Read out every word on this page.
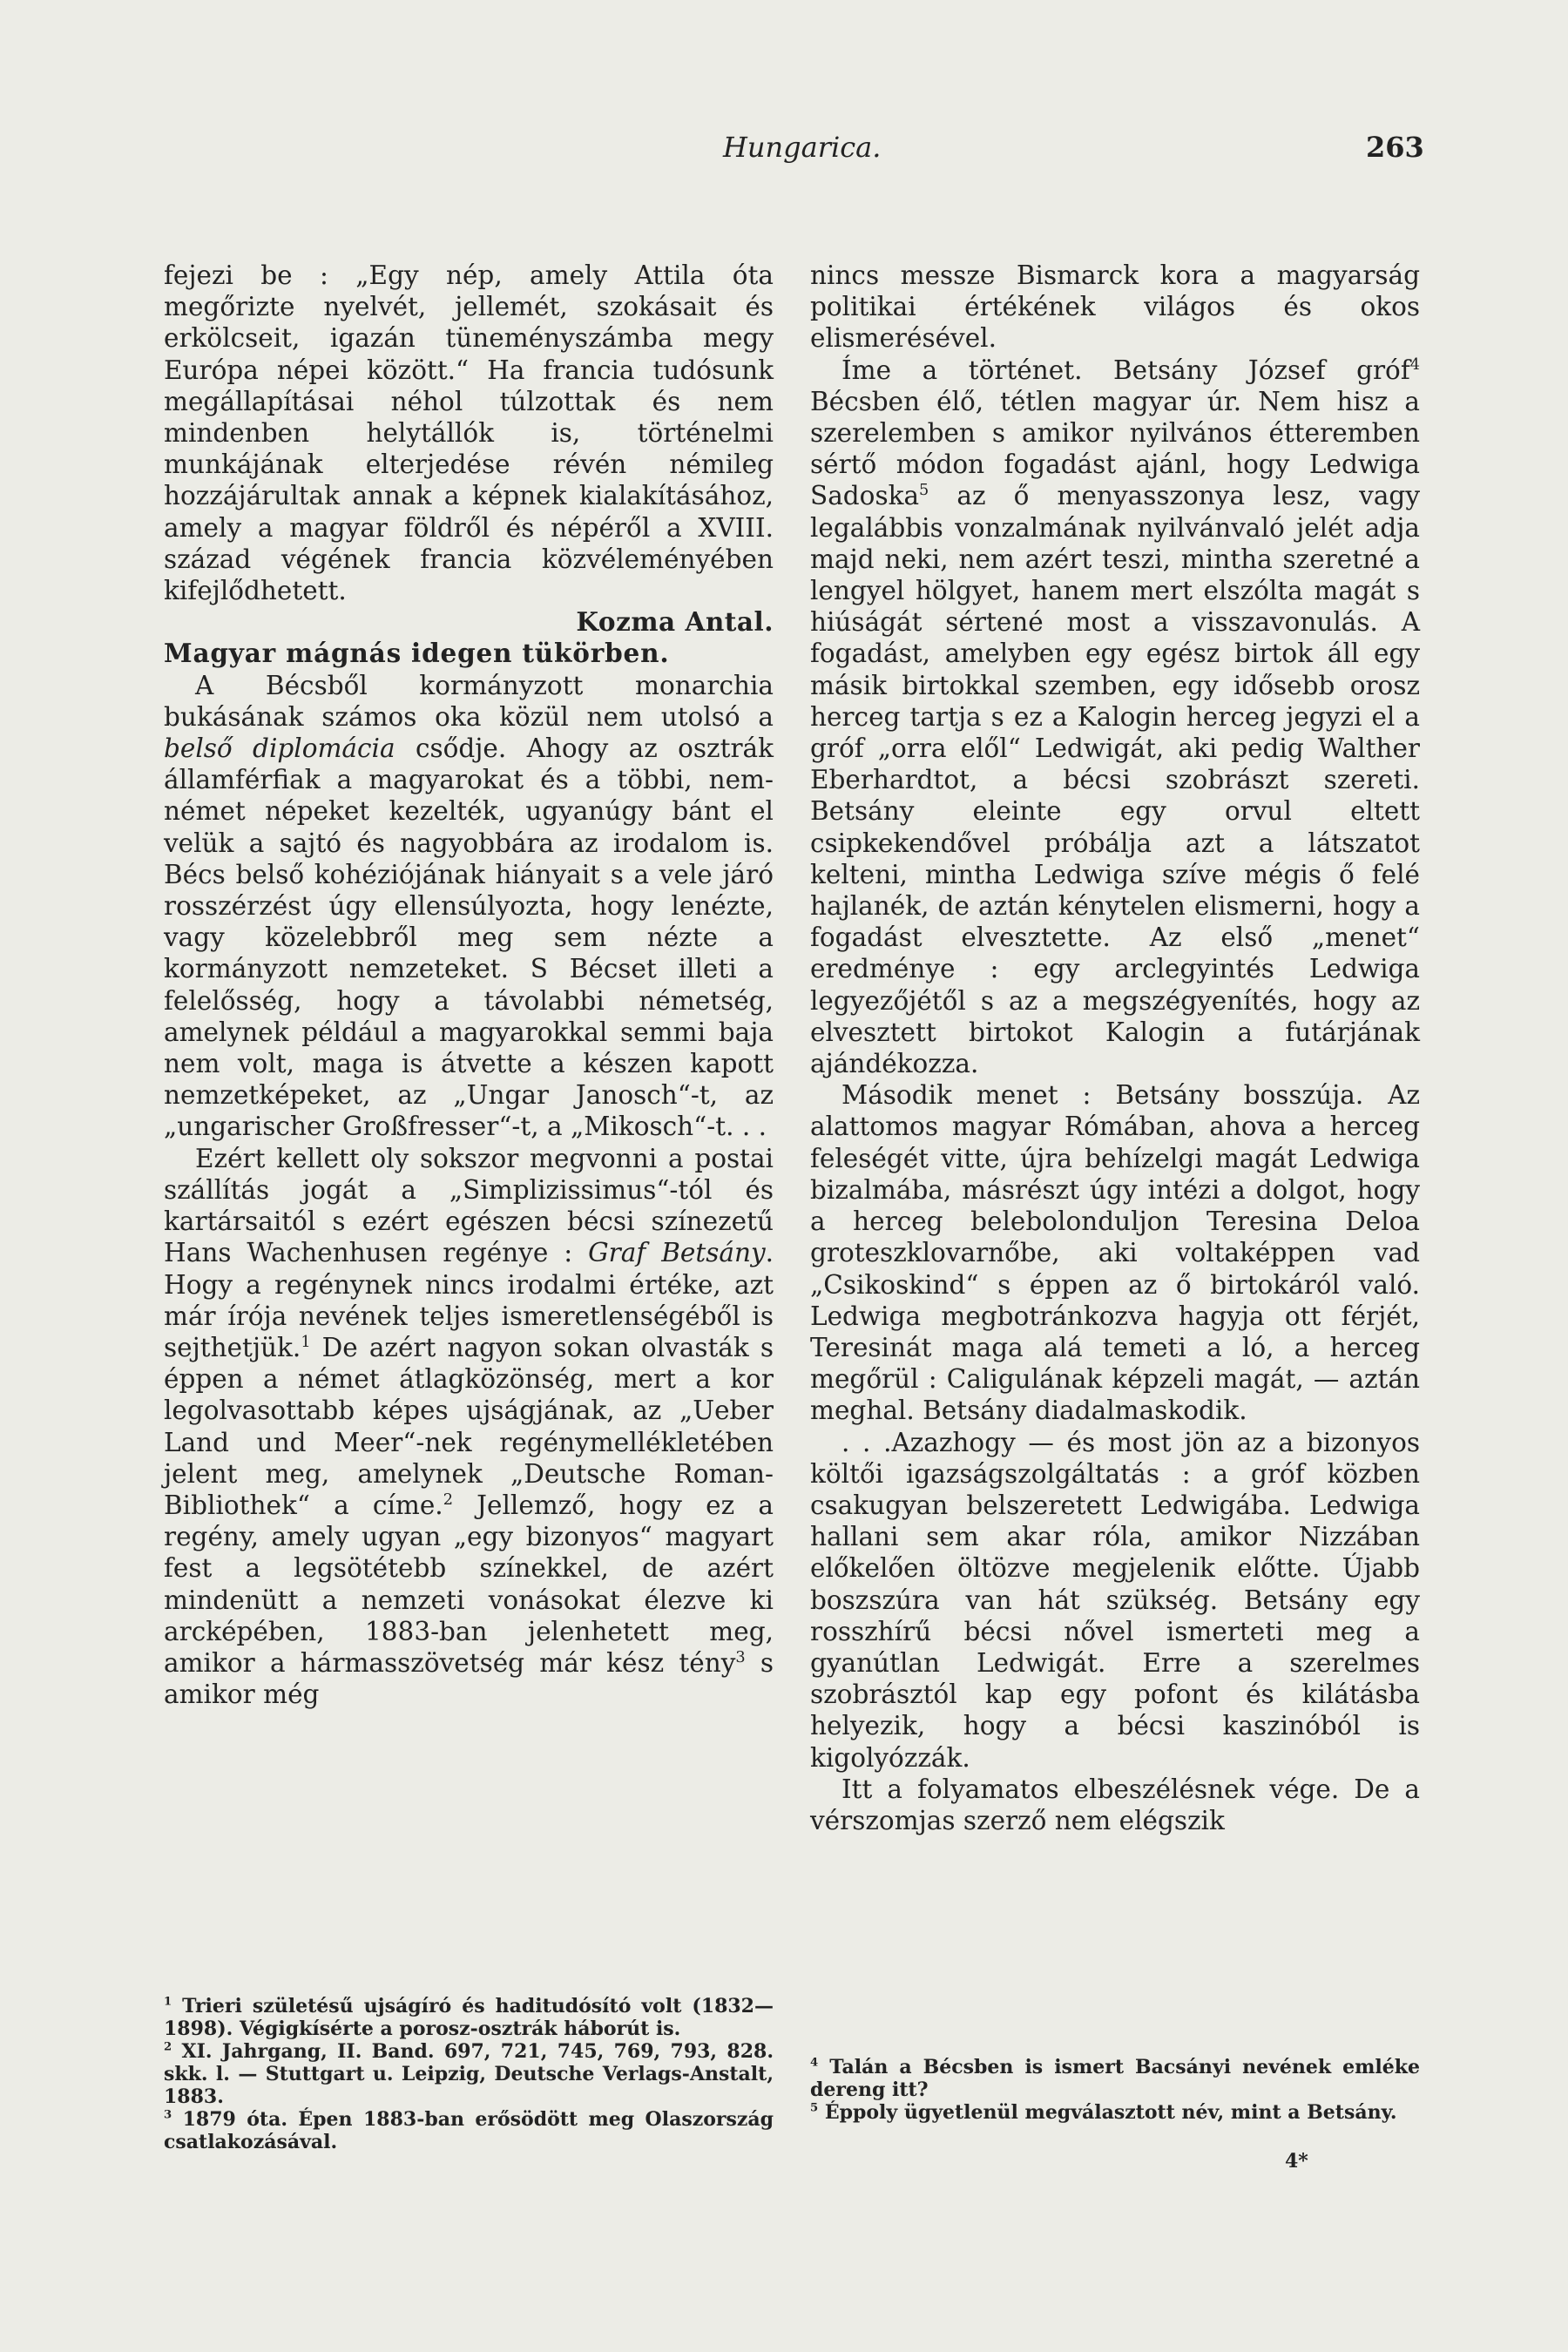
Hungarica.	263

fejezi be : „Egy nép, amely Attila óta megőrizte nyelvét, jellemét, szokásait és erkölcseit, igazán tüneményszámba megy Európa népei között.“ Ha francia tudósunk megállapításai néhol túlzottak és nem mindenben helytállók is, történelmi munkájának elterjedése révén némileg hozzájárultak annak a képnek kialakításához, amely a magyar földről és népéről a XVIII. század végének francia közvéleményében kifejlődhetett.

Kozma Antal.

Magyar mágnás idegen tükörben.

A Bécsből kormányzott monarchia bukásának számos oka közül nem utolsó a belső diplomácia csődje. Ahogy az osztrák államférfiak a magyarokat és a többi, nem-német népeket kezelték, ugyanúgy bánt el velük a sajtó és nagyobbára az irodalom is. Bécs belső kohéziójának hiányait s a vele járó rosszérzést úgy ellensúlyozta, hogy lenézte, vagy közelebbről meg sem nézte a kormányzott nemzeteket. S Bécset illeti a felelősség, hogy a távolabbi németség, amelynek például a magyarokkal semmi baja nem volt, maga is átvette a készen kapott nemzetképeket, az „Ungar Janosch“-t, az „ungarischer Großfresser“-t, a „Mikosch“-t. . .

Ezért kellett oly sokszor megvonni a postai szállítás jogát a „Simplizissimus“-tól és kartársaitól s ezért egészen bécsi színezetű Hans Wachenhusen regénye : Graf Betsány. Hogy a regénynek nincs irodalmi értéke, azt már írója nevének teljes ismeretlenségéből is sejthetjük.$^1$ De azért nagyon sokan olvasták s éppen a német átlagközönség, mert a kor legolvasottabb képes ujságjának, az „Ueber Land und Meer“-nek regénymellékletében jelent meg, amelynek „Deutsche Roman-Bibliothek“ a címe.$^2$ Jellemző, hogy ez a regény, amely ugyan „egy bizonyos“ magyart fest a legsötétebb színekkel, de azért mindenütt a nemzeti vonásokat élezve ki arcképében, 1883-ban jelenhetett meg, amikor a hármasszövetség már kész tény$^3$ s amikor még

nincs messze Bismarck kora a magyarság politikai értékének világos és okos elismerésével.

Íme a történet. Betsány József gróf$^4$ Bécsben élő, tétlen magyar úr. Nem hisz a szerelemben s amikor nyilvános étteremben sértő módon fogadást ajánl, hogy Ledwiga Sadoska$^5$ az ő menyasszonya lesz, vagy legalábbis vonzalmának nyilvánvaló jelét adja majd neki, nem azért teszi, mintha szeretné a lengyel hölgyet, hanem mert elszólta magát s hiúságát sértené most a visszavonulás. A fogadást, amelyben egy egész birtok áll egy másik birtokkal szemben, egy idősebb orosz herceg tartja s ez a Kalogin herceg jegyzi el a gróf „orra elől“ Ledwigát, aki pedig Walther Eberhardtot, a bécsi szobrászt szereti. Betsány eleinte egy orvul eltett csipkekendővel próbálja azt a látszatot kelteni, mintha Ledwiga szíve mégis ő felé hajlanék, de aztán kénytelen elismerni, hogy a fogadást elvesztette. Az első „menet“ eredménye : egy arclegyintés Ledwiga legyezőjétől s az a megszégyenítés, hogy az elvesztett birtokot Kalogin a futárjának ajándékozza.

Második menet : Betsány bosszúja. Az alattomos magyar Rómában, ahova a herceg feleségét vitte, újra behízelgi magát Ledwiga bizalmába, másrészt úgy intézi a dolgot, hogy a herceg belebolonduljon Teresina Deloa groteszklovarnőbe, aki voltaképpen vad „Csikoskind“ s éppen az ő birtokáról való. Ledwiga megbotránkozva hagyja ott férjét, Teresinát maga alá temeti a ló, a herceg megőrül : Caligulának képzeli magát, — aztán meghal. Betsány diadalmaskodik.

. . .Azazhogy — és most jön az a bizonyos költői igazságszolgáltatás : a gróf közben csakugyan belszeretett Ledwigába. Ledwiga hallani sem akar róla, amikor Nizzában előkelően öltözve megjelenik előtte. Újabb boszszúra van hát szükség. Betsány egy rosszhírű bécsi nővel ismerteti meg a gyanútlan Ledwigát. Erre a szerelmes szobrásztól kap egy pofont és kilátásba helyezik, hogy a bécsi kaszinóból is kigolyózzák.

Itt a folyamatos elbeszélésnek vége. De a vérszomjas szerző nem elégszik

$^1$ Trieri születésű ujságíró és haditudósító volt (1832—1898). Végigkísérte a porosz-osztrák háborút is.

$^2$ XI. Jahrgang, II. Band. 697, 721, 745, 769, 793, 828. skk. l. — Stuttgart u. Leipzig, Deutsche Verlags-Anstalt, 1883.

$^3$ 1879 óta. Épen 1883-ban erősödött meg Olaszország csatlakozásával.

$^4$ Talán a Bécsben is ismert Bacsányi nevének emléke dereng itt?

$^5$ Éppoly ügyetlenül megválasztott név, mint a Betsány.

4*
